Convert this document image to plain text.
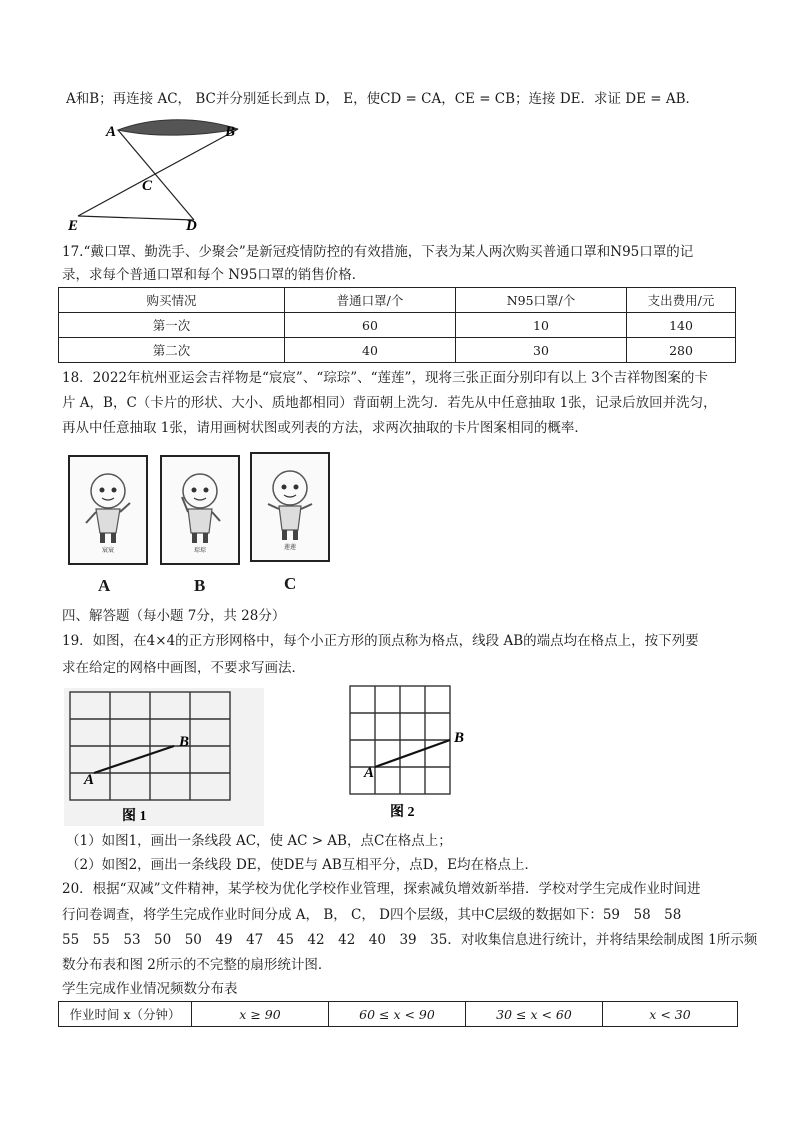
A和B；再连接 AC， BC并分别延长到点 D， E，使CD = CA，CE = CB；连接 DE．求证 DE = AB．
A	B
C
E	D
17.“戴口罩、勤洗手、少聚会”是新冠疫情防控的有效措施，下表为某人两次购买普通口罩和N95口罩的记
录，求每个普通口罩和每个 N95口罩的销售价格．
购买情况	普通口罩/个	N95口罩/个	支出费用/元
第一次	60	10	140
第二次	40	30	280
18．2022年杭州亚运会吉祥物是“宸宸”、“琮琮”、“莲莲”，现将三张正面分别印有以上 3个吉祥物图案的卡
片 A，B，C（卡片的形状、大小、质地都相同）背面朝上洗匀．若先从中任意抽取 1张，记录后放回并洗匀，
再从中任意抽取 1张，请用画树状图或列表的方法，求两次抽取的卡片图案相同的概率．
宸宸	琮琮	莲莲
A	B	C
四、解答题（每小题 7分，共 28分）
19．如图，在4×4的正方形网格中，每个小正方形的顶点称为格点，线段 AB的端点均在格点上，按下列要
求在给定的网格中画图，不要求写画法．
A
B
图 1
A
B
图 2
（1）如图1，画出一条线段 AC，使 AC > AB，点C在格点上；
（2）如图2，画出一条线段 DE，使DE与 AB互相平分，点D，E均在格点上．
20．根据“双减”文件精神，某学校为优化学校作业管理，探索减负增效新举措．学校对学生完成作业时间进
行问卷调查，将学生完成作业时间分成 A， B， C， D四个层级，其中C层级的数据如下：59　58　58
55　55　53　50　50　49　47　45　42　42　40　39　35．对收集信息进行统计，并将结果绘制成图 1所示频
数分布表和图 2所示的不完整的扇形统计图．
学生完成作业情况频数分布表
作业时间 x（分钟）	x ≥ 90	60 ≤ x < 90	30 ≤ x < 60	x < 30
